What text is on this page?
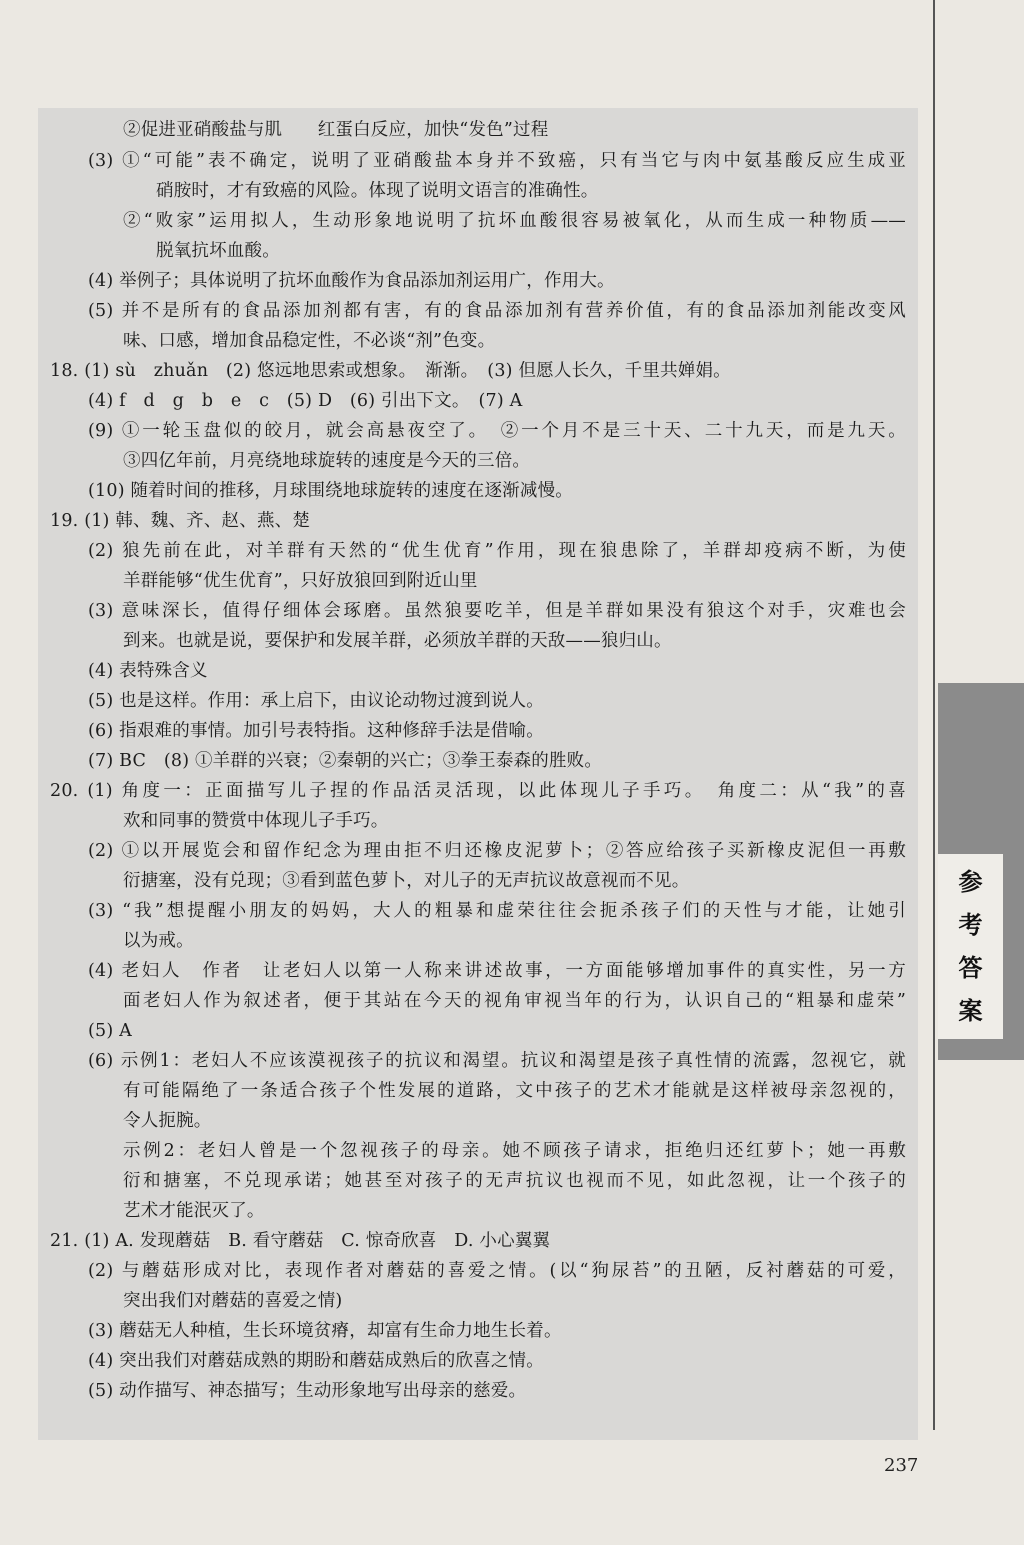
②促进亚硝酸盐与肌　　红蛋白反应，加快“发色”过程
(3) ①“可能”表不确定，说明了亚硝酸盐本身并不致癌，只有当它与肉中氨基酸反应生成亚
硝胺时，才有致癌的风险。体现了说明文语言的准确性。
②“败家”运用拟人，生动形象地说明了抗坏血酸很容易被氧化，从而生成一种物质——
脱氧抗坏血酸。
(4) 举例子；具体说明了抗坏血酸作为食品添加剂运用广，作用大。
(5) 并不是所有的食品添加剂都有害，有的食品添加剂有营养价值，有的食品添加剂能改变风
味、口感，增加食品稳定性，不必谈“剂”色变。
18. (1) sù　zhuǎn　(2) 悠远地思索或想象。　渐渐。　(3) 但愿人长久，千里共婵娟。
(4) f　d　g　b　e　c　(5) D　(6) 引出下文。　(7) A
(9) ①一轮玉盘似的皎月，就会高悬夜空了。　②一个月不是三十天、二十九天，而是九天。
③四亿年前，月亮绕地球旋转的速度是今天的三倍。
(10) 随着时间的推移，月球围绕地球旋转的速度在逐渐减慢。
19. (1) 韩、魏、齐、赵、燕、楚
(2) 狼先前在此，对羊群有天然的“优生优育”作用，现在狼患除了，羊群却疫病不断，为使
羊群能够“优生优育”，只好放狼回到附近山里
(3) 意味深长，值得仔细体会琢磨。虽然狼要吃羊，但是羊群如果没有狼这个对手，灾难也会
到来。也就是说，要保护和发展羊群，必须放羊群的天敌——狼归山。
(4) 表特殊含义
(5) 也是这样。作用：承上启下，由议论动物过渡到说人。
(6) 指艰难的事情。加引号表特指。这种修辞手法是借喻。
(7) BC　(8) ①羊群的兴衰；②秦朝的兴亡；③拳王泰森的胜败。
20. (1) 角度一：正面描写儿子捏的作品活灵活现，以此体现儿子手巧。　角度二：从“我”的喜
欢和同事的赞赏中体现儿子手巧。
(2) ①以开展览会和留作纪念为理由拒不归还橡皮泥萝卜；②答应给孩子买新橡皮泥但一再敷
衍搪塞，没有兑现；③看到蓝色萝卜，对儿子的无声抗议故意视而不见。
(3) “我”想提醒小朋友的妈妈，大人的粗暴和虚荣往往会扼杀孩子们的天性与才能，让她引
以为戒。
(4) 老妇人　作者　让老妇人以第一人称来讲述故事，一方面能够增加事件的真实性，另一方
面老妇人作为叙述者，便于其站在今天的视角审视当年的行为，认识自己的“粗暴和虚荣”
(5) A
(6) 示例1：老妇人不应该漠视孩子的抗议和渴望。抗议和渴望是孩子真性情的流露，忽视它，就
有可能隔绝了一条适合孩子个性发展的道路，文中孩子的艺术才能就是这样被母亲忽视的，
令人扼腕。
示例2：老妇人曾是一个忽视孩子的母亲。她不顾孩子请求，拒绝归还红萝卜；她一再敷
衍和搪塞，不兑现承诺；她甚至对孩子的无声抗议也视而不见，如此忽视，让一个孩子的
艺术才能泯灭了。
21. (1) A. 发现蘑菇　B. 看守蘑菇　C. 惊奇欣喜　D. 小心翼翼
(2) 与蘑菇形成对比，表现作者对蘑菇的喜爱之情。(以“狗尿苔”的丑陋，反衬蘑菇的可爱，
突出我们对蘑菇的喜爱之情)
(3) 蘑菇无人种植，生长环境贫瘠，却富有生命力地生长着。
(4) 突出我们对蘑菇成熟的期盼和蘑菇成熟后的欣喜之情。
(5) 动作描写、神态描写；生动形象地写出母亲的慈爱。
参
考
答
案
237
